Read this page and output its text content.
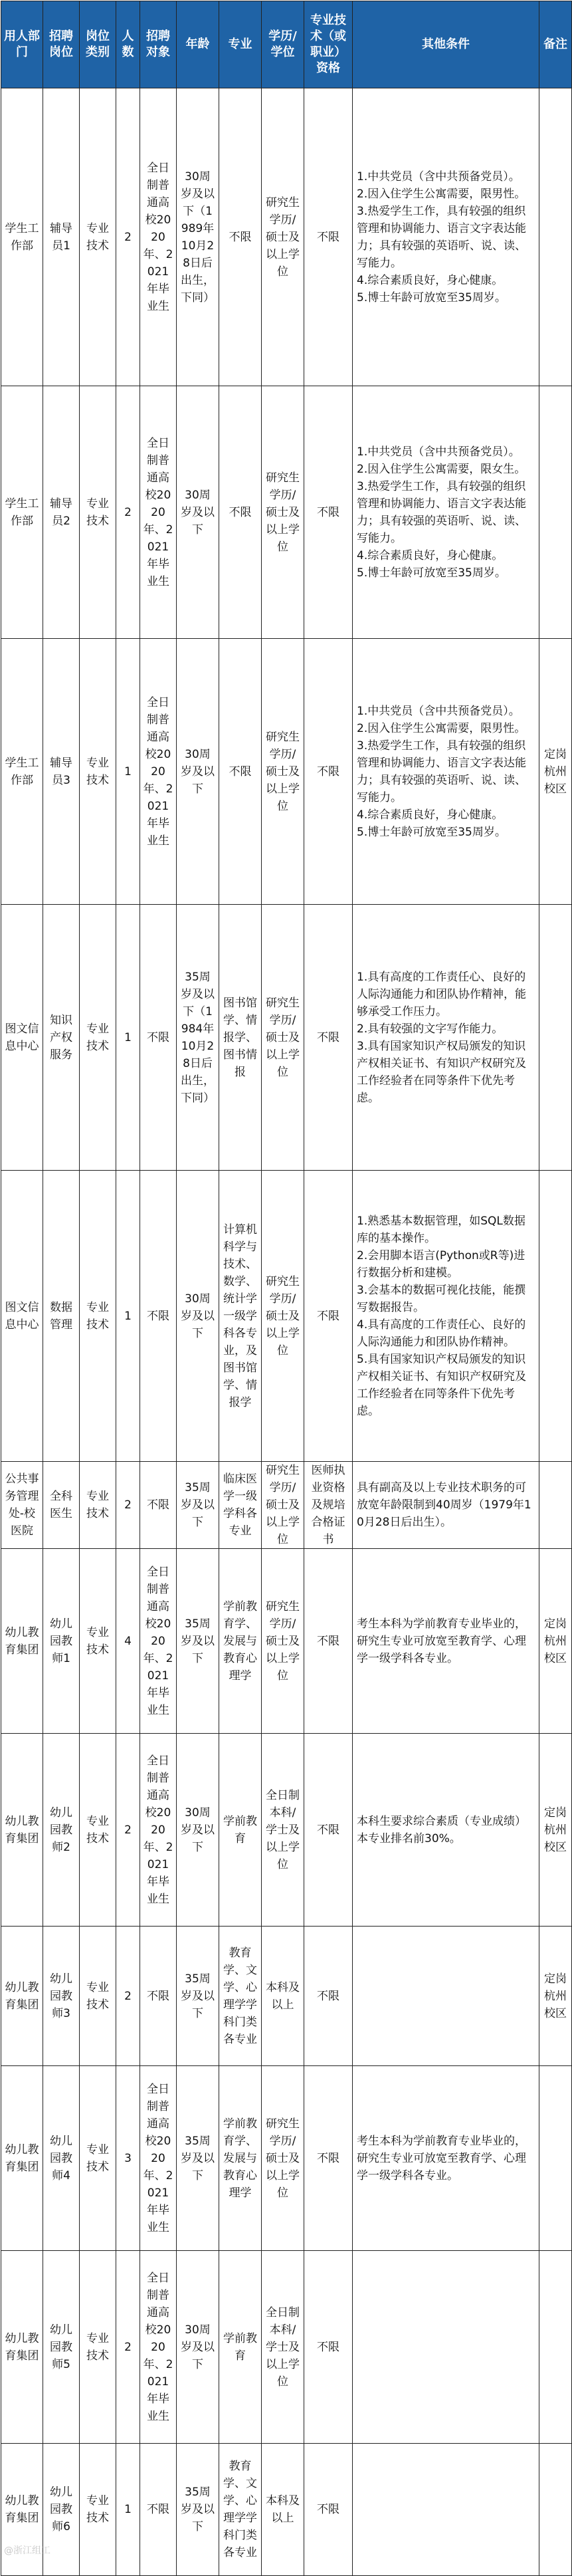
用人部门	招聘岗位	岗位类别	人数	招聘对象	年龄	专业	学历/学位	专业技术（或职业）资格	其他条件	备注
学生工作部	辅导员1	专业技术	2	全日制普通高校2020年、2021年毕业生	30周岁及以下（1989年10月28日后出生，下同）	不限	研究生学历/硕士及以上学位	不限	1.中共党员（含中共预备党员）。
2.因入住学生公寓需要，限男性。
3.热爱学生工作，具有较强的组织管理和协调能力、语言文字表达能力；具有较强的英语听、说、读、写能力。
4.综合素质良好，身心健康。
5.博士年龄可放宽至35周岁。	
学生工作部	辅导员2	专业技术	2	全日制普通高校2020年、2021年毕业生	30周岁及以下	不限	研究生学历/硕士及以上学位	不限	1.中共党员（含中共预备党员）。
2.因入住学生公寓需要，限女生。
3.热爱学生工作，具有较强的组织管理和协调能力、语言文字表达能力；具有较强的英语听、说、读、写能力。
4.综合素质良好，身心健康。
5.博士年龄可放宽至35周岁。	
学生工作部	辅导员3	专业技术	1	全日制普通高校2020年、2021年毕业生	30周岁及以下	不限	研究生学历/硕士及以上学位	不限	1.中共党员（含中共预备党员）。
2.因入住学生公寓需要，限男性。
3.热爱学生工作，具有较强的组织管理和协调能力、语言文字表达能力；具有较强的英语听、说、读、写能力。
4.综合素质良好，身心健康。
5.博士年龄可放宽至35周岁。	定岗杭州校区
图文信息中心	知识产权服务	专业技术	1	不限	35周岁及以下（1984年10月28日后出生，下同）	图书馆学、情报学、图书情报	研究生学历/硕士及以上学位	不限	1.具有高度的工作责任心、良好的人际沟通能力和团队协作精神，能够承受工作压力。
2.具有较强的文字写作能力。
3.具有国家知识产权局颁发的知识产权相关证书、有知识产权研究及工作经验者在同等条件下优先考虑。	
图文信息中心	数据管理	专业技术	1	不限	30周岁及以下	计算机科学与技术、数学、统计学一级学科各专业，及图书馆学、情报学	研究生学历/硕士及以上学位	不限	1.熟悉基本数据管理，如SQL数据库的基本操作。
2.会用脚本语言(Python或R等)进行数据分析和建模。
3.会基本的数据可视化技能，能撰写数据报告。
4.具有高度的工作责任心、良好的人际沟通能力和团队协作精神。
5.具有国家知识产权局颁发的知识产权相关证书、有知识产权研究及工作经验者在同等条件下优先考虑。	
公共事务管理处-校医院	全科医生	专业技术	2	不限	35周岁及以下	临床医学一级学科各专业	研究生学历/硕士及以上学位	医师执业资格及规培合格证书	具有副高及以上专业技术职务的可放宽年龄限制到40周岁（1979年10月28日后出生）。	
幼儿教育集团	幼儿园教师1	专业技术	4	全日制普通高校2020年、2021年毕业生	35周岁及以下	学前教育学、发展与教育心理学	研究生学历/硕士及以上学位	不限	考生本科为学前教育专业毕业的，研究生专业可放宽至教育学、心理学一级学科各专业。	定岗杭州校区
幼儿教育集团	幼儿园教师2	专业技术	2	全日制普通高校2020年、2021年毕业生	30周岁及以下	学前教育	全日制本科/学士及以上学位	不限	本科生要求综合素质（专业成绩）本专业排名前30%。	定岗杭州校区
幼儿教育集团	幼儿园教师3	专业技术	2	不限	35周岁及以下	教育学、文学、心理学学科门类各专业	本科及以上	不限		定岗杭州校区
幼儿教育集团	幼儿园教师4	专业技术	3	全日制普通高校2020年、2021年毕业生	35周岁及以下	学前教育学、发展与教育心理学	研究生学历/硕士及以上学位	不限	考生本科为学前教育专业毕业的，研究生专业可放宽至教育学、心理学一级学科各专业。	
幼儿教育集团	幼儿园教师5	专业技术	2	全日制普通高校2020年、2021年毕业生	30周岁及以下	学前教育	全日制本科/学士及以上学位	不限		
幼儿教育集团	幼儿园教师6	专业技术	1	不限	35周岁及以下	教育学、文学、心理学学科门类各专业	本科及以上	不限		
@浙江组工
